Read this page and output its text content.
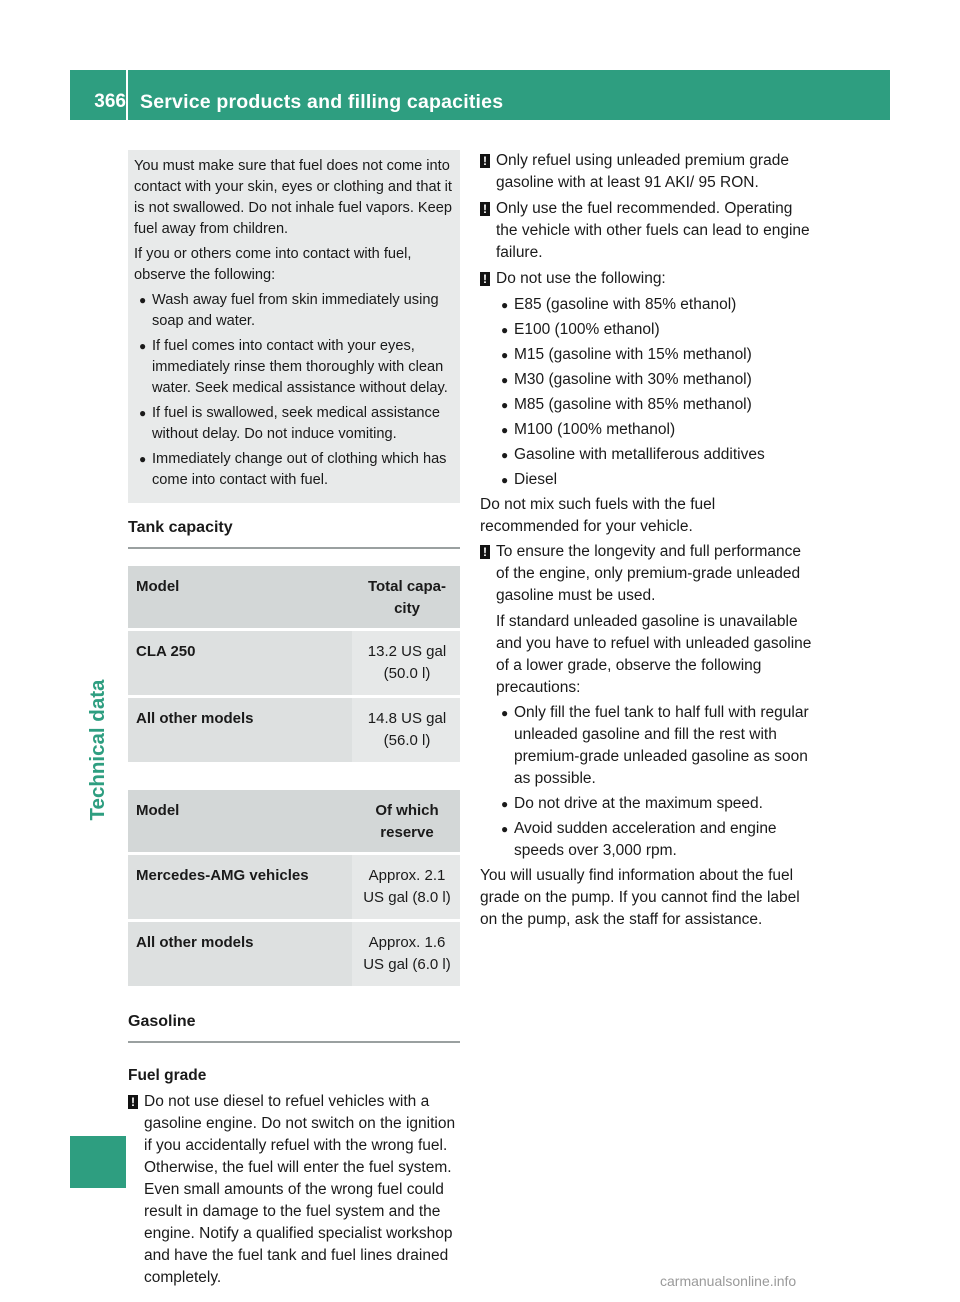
366 Service products and filling capacities
Technical data

You must make sure that fuel does not come into contact with your skin, eyes or clothing and that it is not swallowed. Do not inhale fuel vapors. Keep fuel away from children.

If you or others come into contact with fuel, observe the following:

● Wash away fuel from skin immediately using soap and water.
● If fuel comes into contact with your eyes, immediately rinse them thoroughly with clean water. Seek medical assistance without delay.
● If fuel is swallowed, seek medical assistance without delay. Do not induce vomiting.
● Immediately change out of clothing which has come into contact with fuel.
Tank capacity
Model	Total capa-city
CLA 250	13.2 US gal (50.0 l)
All other models	14.8 US gal (56.0 l)
Model	Of which reserve
Mercedes-AMG vehicles	Approx. 2.1 US gal (8.0 l)
All other models	Approx. 1.6 US gal (6.0 l)
Gasoline
Fuel grade
! Do not use diesel to refuel vehicles with a gasoline engine. Do not switch on the ignition if you accidentally refuel with the wrong fuel. Otherwise, the fuel will enter the fuel system. Even small amounts of the wrong fuel could result in damage to the fuel system and the engine. Notify a qualified specialist workshop and have the fuel tank and fuel lines drained completely.
! Only refuel using unleaded premium grade gasoline with at least 91 AKI/ 95 RON.
! Only use the fuel recommended. Operating the vehicle with other fuels can lead to engine failure.
! Do not use the following:
● E85 (gasoline with 85% ethanol)
● E100 (100% ethanol)
● M15 (gasoline with 15% methanol)
● M30 (gasoline with 30% methanol)
● M85 (gasoline with 85% methanol)
● M100 (100% methanol)
● Gasoline with metalliferous additives
● Diesel

Do not mix such fuels with the fuel recommended for your vehicle.

! To ensure the longevity and full performance of the engine, only premium-grade unleaded gasoline must be used.

If standard unleaded gasoline is unavailable and you have to refuel with unleaded gasoline of a lower grade, observe the following precautions:

● Only fill the fuel tank to half full with regular unleaded gasoline and fill the rest with premium-grade unleaded gasoline as soon as possible.
● Do not drive at the maximum speed.
● Avoid sudden acceleration and engine speeds over 3,000 rpm.

You will usually find information about the fuel grade on the pump. If you cannot find the label on the pump, ask the staff for assistance.

carmanualsonline.info
